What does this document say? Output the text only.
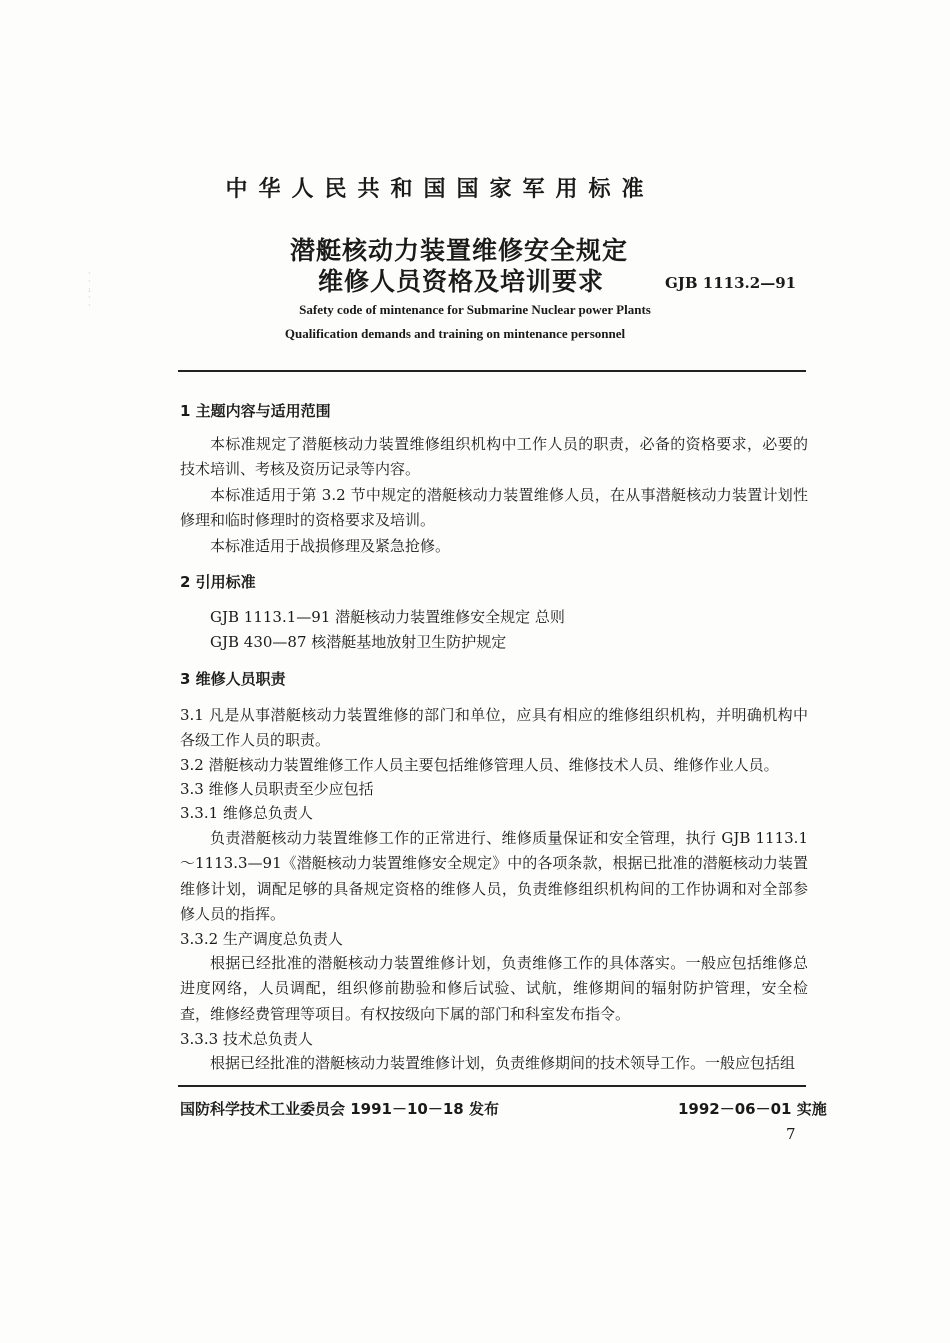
·
·
:
·
·
中华人民共和国国家军用标准
潜艇核动力装置维修安全规定
维修人员资格及培训要求	GJB 1113.2—91
Safety code of mintenance for Submarine Nuclear power Plants
Qualification demands and training on mintenance personnel
1 主题内容与适用范围
本标准规定了潜艇核动力装置维修组织机构中工作人员的职责，必备的资格要求，必要的技术培训、考核及资历记录等内容。
本标准适用于第 3.2 节中规定的潜艇核动力装置维修人员，在从事潜艇核动力装置计划性修理和临时修理时的资格要求及培训。
本标准适用于战损修理及紧急抢修。
2 引用标准
GJB 1113.1—91 潜艇核动力装置维修安全规定 总则
GJB 430—87 核潜艇基地放射卫生防护规定
3 维修人员职责
3.1 凡是从事潜艇核动力装置维修的部门和单位，应具有相应的维修组织机构，并明确机构中各级工作人员的职责。
3.2 潜艇核动力装置维修工作人员主要包括维修管理人员、维修技术人员、维修作业人员。
3.3 维修人员职责至少应包括
3.3.1 维修总负责人
负责潜艇核动力装置维修工作的正常进行、维修质量保证和安全管理，执行 GJB 1113.1～1113.3—91《潜艇核动力装置维修安全规定》中的各项条款，根据已批准的潜艇核动力装置维修计划，调配足够的具备规定资格的维修人员，负责维修组织机构间的工作协调和对全部参修人员的指挥。
3.3.2 生产调度总负责人
根据已经批准的潜艇核动力装置维修计划，负责维修工作的具体落实。一般应包括维修总进度网络，人员调配，组织修前勘验和修后试验、试航，维修期间的辐射防护管理，安全检查，维修经费管理等项目。有权按级向下属的部门和科室发布指令。
3.3.3 技术总负责人
根据已经批准的潜艇核动力装置维修计划，负责维修期间的技术领导工作。一般应包括组
国防科学技术工业委员会 1991－10－18 发布	1992－06－01 实施
7
